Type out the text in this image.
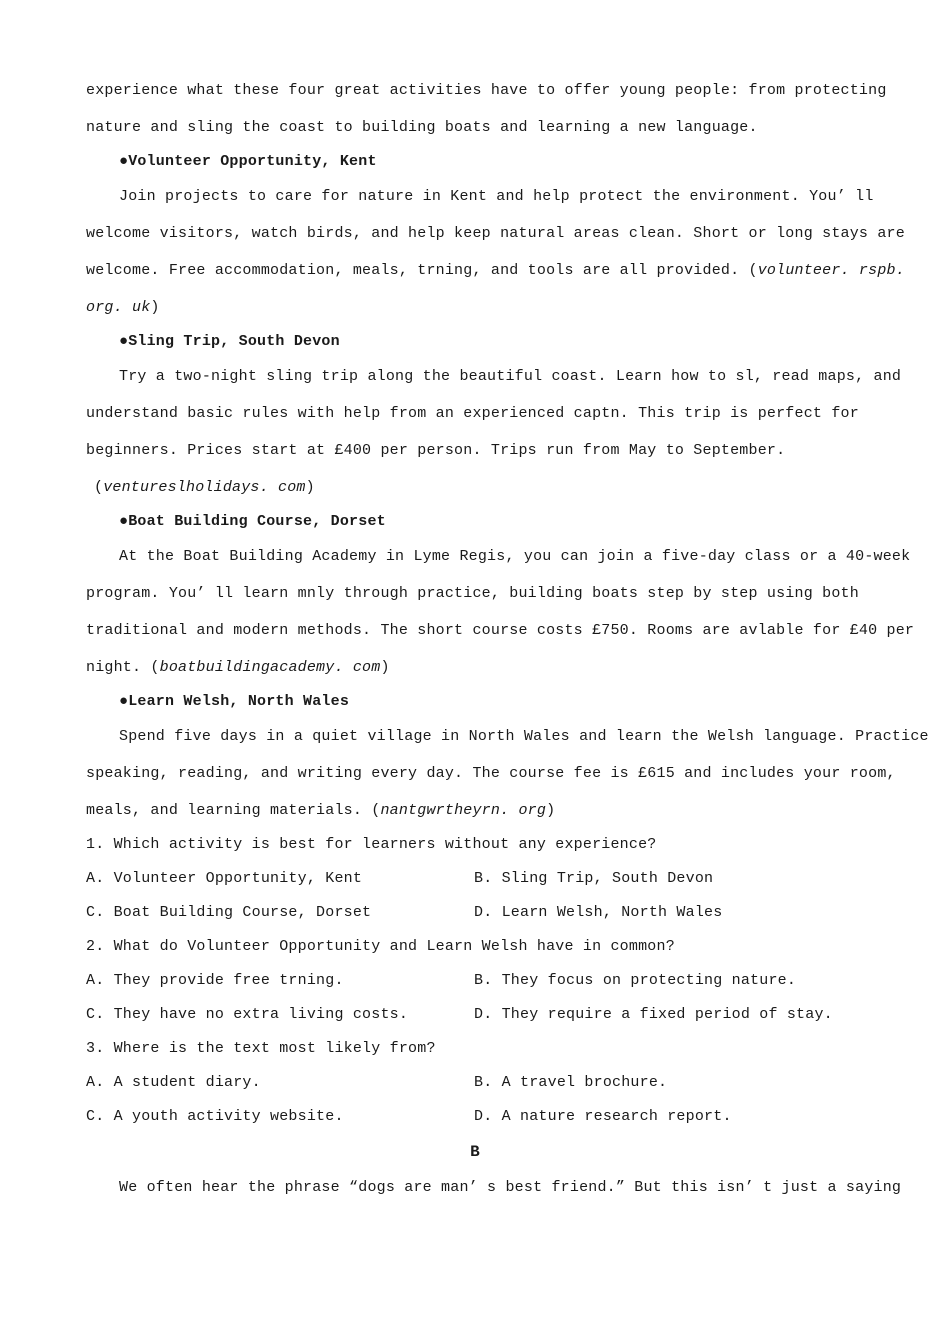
experience what these four great activities have to offer young people: from protecting
nature and sling the coast to building boats and learning a new language.
●Volunteer Opportunity, Kent
Join projects to care for nature in Kent and help protect the environment. You’ ll
welcome visitors, watch birds, and help keep natural areas clean. Short or long stays are
welcome. Free accommodation, meals, trning, and tools are all provided. (volunteer. rspb.
org. uk)
●Sling Trip, South Devon
Try a two-night sling trip along the beautiful coast. Learn how to sl, read maps, and
understand basic rules with help from an experienced captn. This trip is perfect for
beginners. Prices start at £400 per person. Trips run from May to September.
(ventureslholidays. com)
●Boat Building Course, Dorset
At the Boat Building Academy in Lyme Regis, you can join a five-day class or a 40-week
program. You’ ll learn mnly through practice, building boats step by step using both
traditional and modern methods. The short course costs £750. Rooms are avlable for £40 per
night. (boatbuildingacademy. com)
●Learn Welsh, North Wales
Spend five days in a quiet village in North Wales and learn the Welsh language. Practice
speaking, reading, and writing every day. The course fee is £615 and includes your room,
meals, and learning materials. (nantgwrtheyrn. org)
1. Which activity is best for learners without any experience?
A. Volunteer Opportunity, Kent	B. Sling Trip, South Devon
C. Boat Building Course, Dorset	D. Learn Welsh, North Wales
2. What do Volunteer Opportunity and Learn Welsh have in common?
A. They provide free trning.	B. They focus on protecting nature.
C. They have no extra living costs.	D. They require a fixed period of stay.
3. Where is the text most likely from?
A. A student diary.	B. A travel brochure.
C. A youth activity website.	D. A nature research report.
B
We often hear the phrase “dogs are man’ s best friend.” But this isn’ t just a saying
